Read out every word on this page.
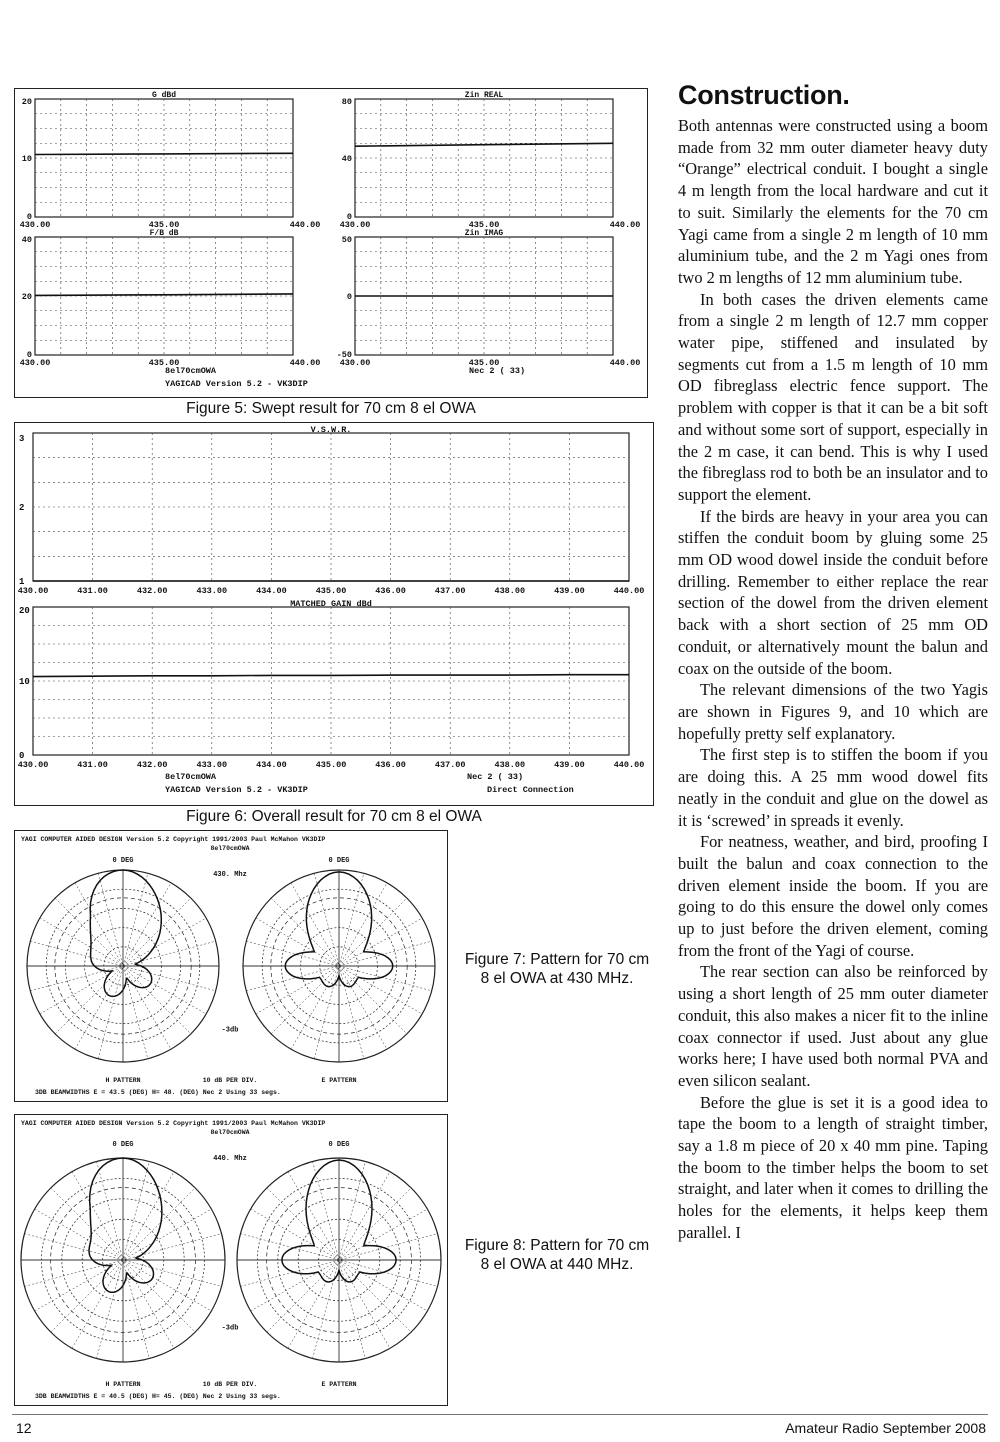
G dBd
20
10
0
430.00	435.00	440.00
Zin REAL
80
40
0
430.00	435.00	440.00
F/B dB
40
20
0
430.00	435.00	440.00
Zin IMAG
50
0
-50
430.00	435.00	440.00
8el70cmOWA
YAGICAD Version 5.2 - VK3DIP
Nec 2 ( 33)
Figure 5: Swept result for 70 cm 8 el OWA
V.S.W.R.
3
2
1
430.00	431.00	432.00	433.00	434.00	435.00	436.00	437.00	438.00	439.00	440.00
MATCHED GAIN dBd
20
10
0
430.00	431.00	432.00	433.00	434.00	435.00	436.00	437.00	438.00	439.00	440.00
8el70cmOWA
YAGICAD Version 5.2 - VK3DIP
Nec 2 ( 33)
Direct Connection
Figure 6: Overall result for 70 cm 8 el OWA
YAGI COMPUTER AIDED DESIGN Version 5.2 Copyright 1991/2003 Paul McMahon VK3DIP
8el70cmOWA
0 DEG	0 DEG
430. Mhz
-3db
H PATTERN	10 dB PER DIV.	E PATTERN
3DB BEAMWIDTHS E = 43.5 (DEG) H= 48. (DEG) Nec 2 Using 33 segs.
Figure 7: Pattern for 70 cm 8 el OWA at 430 MHz.
YAGI COMPUTER AIDED DESIGN Version 5.2 Copyright 1991/2003 Paul McMahon VK3DIP
8el70cmOWA
0 DEG	0 DEG
440. Mhz
-3db
H PATTERN	10 dB PER DIV.	E PATTERN
3DB BEAMWIDTHS E = 40.5 (DEG) H= 45. (DEG) Nec 2 Using 33 segs.
Figure 8: Pattern for 70 cm 8 el OWA at 440 MHz.
Construction.

Both antennas were constructed using a boom made from 32 mm outer diameter heavy duty “Orange” electrical conduit. I bought a single 4 m length from the local hardware and cut it to suit. Similarly the elements for the 70 cm Yagi came from a single 2 m length of 10 mm aluminium tube, and the 2 m Yagi ones from two 2 m lengths of 12 mm aluminium tube.

In both cases the driven elements came from a single 2 m length of 12.7 mm copper water pipe, stiffened and insulated by segments cut from a 1.5 m length of 10 mm OD fibreglass electric fence support. The problem with copper is that it can be a bit soft and without some sort of support, especially in the 2 m case, it can bend. This is why I used the fibreglass rod to both be an insulator and to support the element.

If the birds are heavy in your area you can stiffen the conduit boom by gluing some 25 mm OD wood dowel inside the conduit before drilling. Remember to either replace the rear section of the dowel from the driven element back with a short section of 25 mm OD conduit, or alternatively mount the balun and coax on the outside of the boom.

The relevant dimensions of the two Yagis are shown in Figures 9, and 10 which are hopefully pretty self explanatory.

The first step is to stiffen the boom if you are doing this. A 25 mm wood dowel fits neatly in the conduit and glue on the dowel as it is ‘screwed’ in spreads it evenly.

For neatness, weather, and bird, proofing I built the balun and coax connection to the driven element inside the boom. If you are going to do this ensure the dowel only comes up to just before the driven element, coming from the front of the Yagi of course.

The rear section can also be reinforced by using a short length of 25 mm outer diameter conduit, this also makes a nicer fit to the inline coax connector if used. Just about any glue works here; I have used both normal PVA and even silicon sealant.

Before the glue is set it is a good idea to tape the boom to a length of straight timber, say a 1.8 m piece of 20 x 40 mm pine. Taping the boom to the timber helps the boom to set straight, and later when it comes to drilling the holes for the elements, it helps keep them parallel. I

12	Amateur Radio September 2008
